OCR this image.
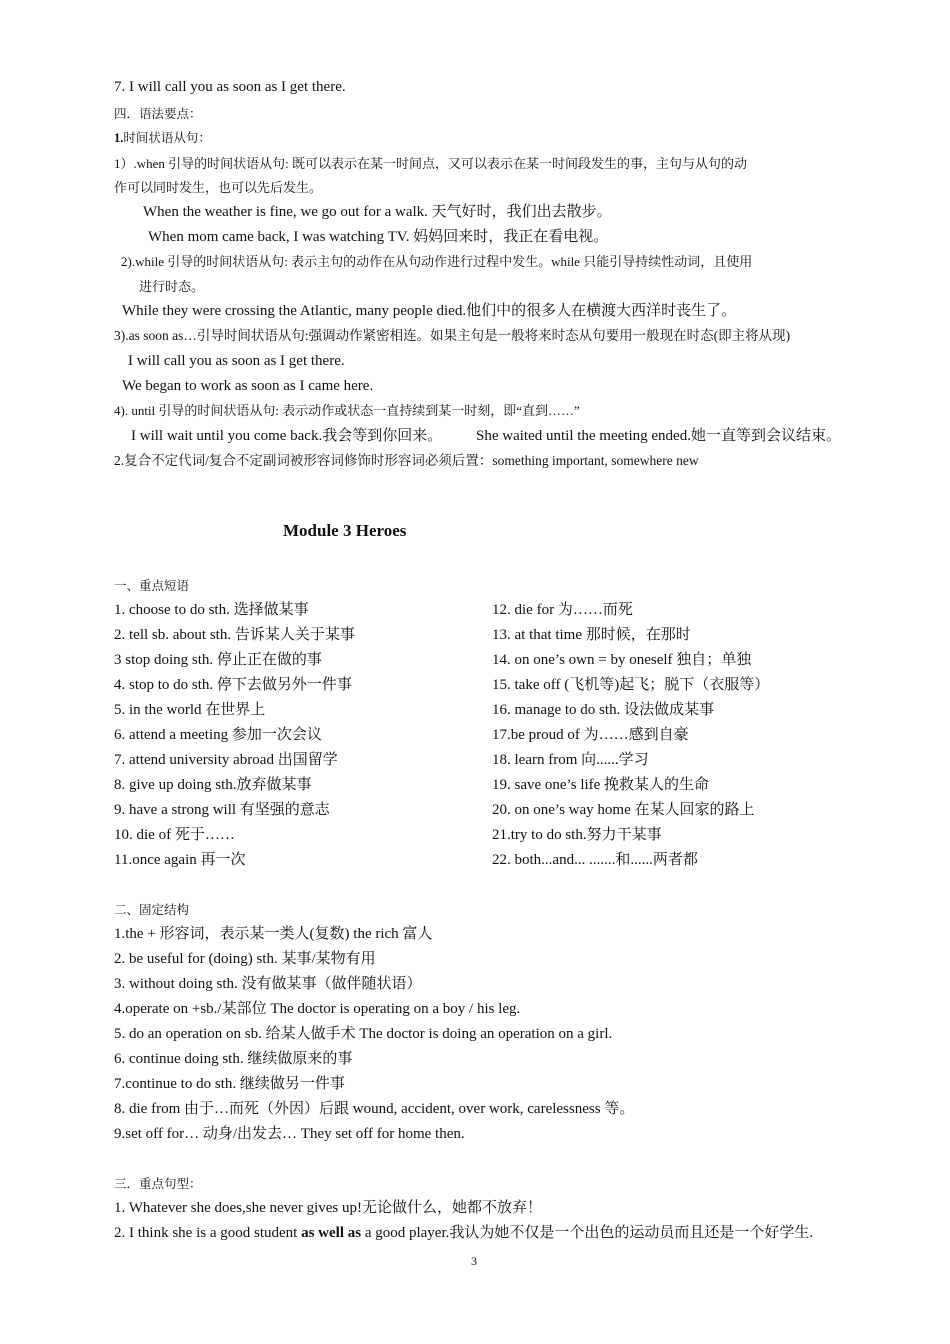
7. I will call you as soon as I get there.
四．语法要点：
1.时间状语从句：
1）.when 引导的时间状语从句: 既可以表示在某一时间点，又可以表示在某一时间段发生的事，主句与从句的动
作可以同时发生，也可以先后发生。
When the weather is fine, we go out for a walk. 天气好时，我们出去散步。
When mom came back, I was watching TV. 妈妈回来时，我正在看电视。
2).while 引导的时间状语从句: 表示主句的动作在从句动作进行过程中发生。while 只能引导持续性动词，且使用
进行时态。
While they were crossing the Atlantic, many people died.他们中的很多人在横渡大西洋时丧生了。
3).as soon as…引导时间状语从句:强调动作紧密相连。如果主句是一般将来时态从句要用一般现在时态(即主将从现)
I will call you as soon as I get there.
We began to work as soon as I came here.
4). until 引导的时间状语从句: 表示动作或状态一直持续到某一时刻，即“直到……”
I will wait until you come back.我会等到你回来。 She waited until the meeting ended.她一直等到会议结束。
2.复合不定代词/复合不定副词被形容词修饰时形容词必须后置：something important, somewhere new
Module 3 Heroes
一、重点短语
1. choose to do sth. 选择做某事
2. tell sb. about sth. 告诉某人关于某事
3 stop doing sth. 停止正在做的事
4. stop to do sth. 停下去做另外一件事
5. in the world 在世界上
6. attend a meeting 参加一次会议
7. attend university abroad 出国留学
8. give up doing sth.放弃做某事
9. have a strong will 有坚强的意志
10. die of 死于……
11.once again 再一次
12. die for 为……而死
13. at that time 那时候，在那时
14. on one’s own = by oneself 独自；单独
15. take off (飞机等)起飞；脱下（衣服等）
16. manage to do sth. 设法做成某事
17.be proud of 为……感到自豪
18. learn from 向......学习
19. save one’s life 挽救某人的生命
20. on one’s way home 在某人回家的路上
21.try to do sth.努力干某事
22. both...and... .......和......两者都
二、固定结构
1.the + 形容词，表示某一类人(复数) the rich 富人
2. be useful for (doing) sth. 某事/某物有用
3. without doing sth. 没有做某事（做伴随状语）
4.operate on +sb./某部位 The doctor is operating on a boy / his leg.
5. do an operation on sb. 给某人做手术 The doctor is doing an operation on a girl.
6. continue doing sth. 继续做原来的事
7.continue to do sth. 继续做另一件事
8. die from 由于…而死（外因）后跟 wound, accident, over work, carelessness 等。
9.set off for… 动身/出发去… They set off for home then.
三．重点句型：
1. Whatever she does,she never gives up!无论做什么，她都不放弃！
2. I think she is a good student as well as a good player.我认为她不仅是一个出色的运动员而且还是一个好学生.
3
